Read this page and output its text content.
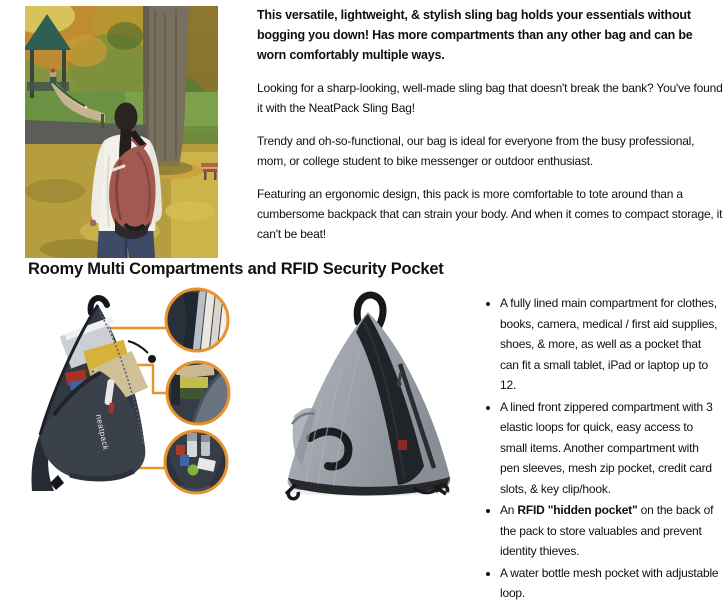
This versatile, lightweight, & stylish sling bag holds your essentials without bogging you down! Has more compartments than any other bag and can be worn comfortably multiple ways.

Looking for a sharp-looking, well-made sling bag that doesn't break the bank? You've found it with the NeatPack Sling Bag!

Trendy and oh-so-functional, our bag is ideal for everyone from the busy professional, mom, or college student to bike messenger or outdoor enthusiast.

Featuring an ergonomic design, this pack is more comfortable to tote around than a cumbersome backpack that can strain your body. And when it comes to compact storage, it can't be beat!

Roomy Multi Compartments and RFID Security Pocket
neatpack
• A fully lined main compartment for clothes, books, camera, medical / first aid supplies, shoes, & more, as well as a pocket that can fit a small tablet, iPad or laptop up to 12.
• A lined front zippered compartment with 3 elastic loops for quick, easy access to small items. Another compartment with pen sleeves, mesh zip pocket, credit card slots, & key clip/hook.
• An RFID "hidden pocket" on the back of the pack to store valuables and prevent identity thieves.
• A water bottle mesh pocket with adjustable loop.
